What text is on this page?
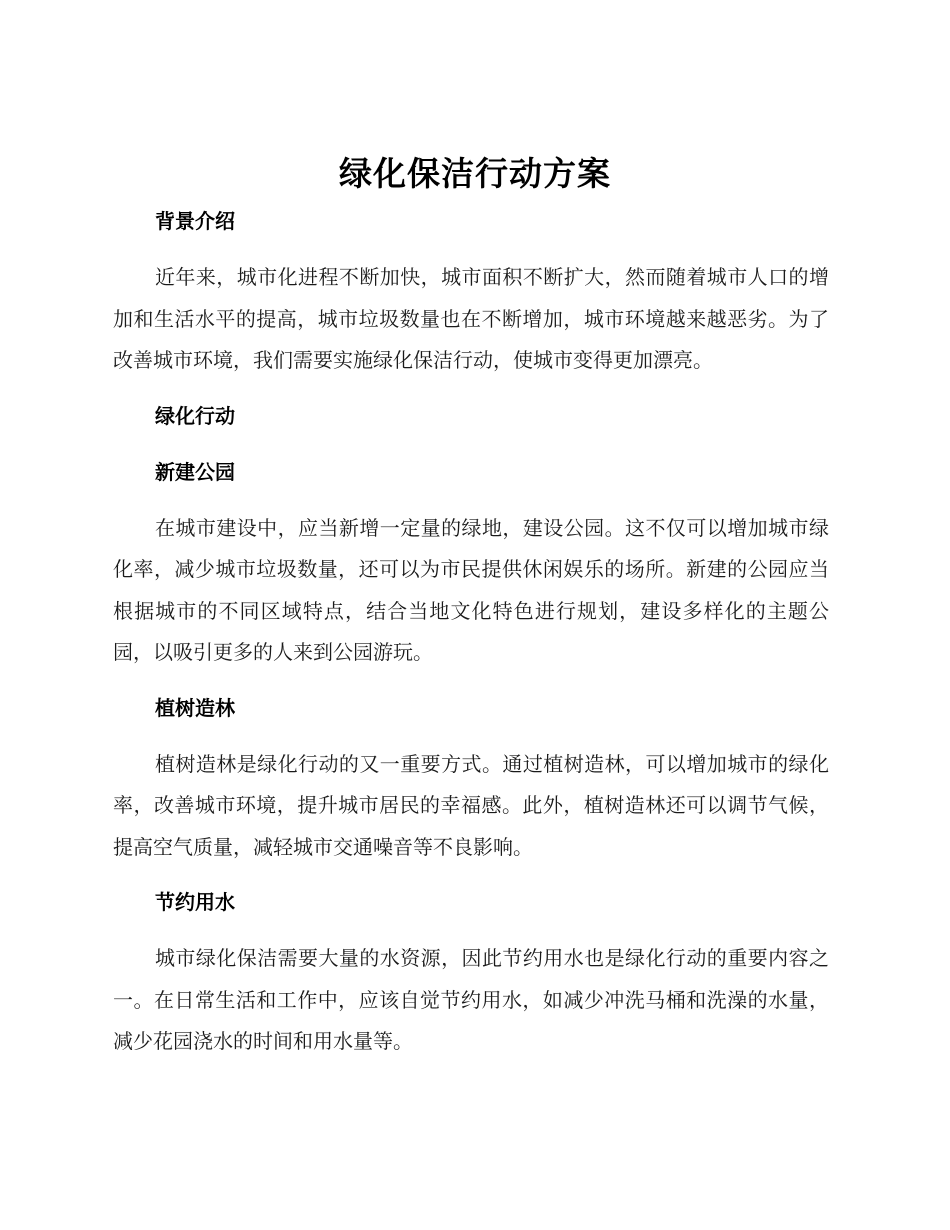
绿化保洁行动方案
背景介绍

近年来，城市化进程不断加快，城市面积不断扩大，然而随着城市人口的增加和生活水平的提高，城市垃圾数量也在不断增加，城市环境越来越恶劣。为了改善城市环境，我们需要实施绿化保洁行动，使城市变得更加漂亮。

绿化行动
新建公园

在城市建设中，应当新增一定量的绿地，建设公园。这不仅可以增加城市绿化率，减少城市垃圾数量，还可以为市民提供休闲娱乐的场所。新建的公园应当根据城市的不同区域特点，结合当地文化特色进行规划，建设多样化的主题公园，以吸引更多的人来到公园游玩。

植树造林

植树造林是绿化行动的又一重要方式。通过植树造林，可以增加城市的绿化率，改善城市环境，提升城市居民的幸福感。此外，植树造林还可以调节气候，提高空气质量，减轻城市交通噪音等不良影响。

节约用水

城市绿化保洁需要大量的水资源，因此节约用水也是绿化行动的重要内容之一。在日常生活和工作中，应该自觉节约用水，如减少冲洗马桶和洗澡的水量，减少花园浇水的时间和用水量等。
